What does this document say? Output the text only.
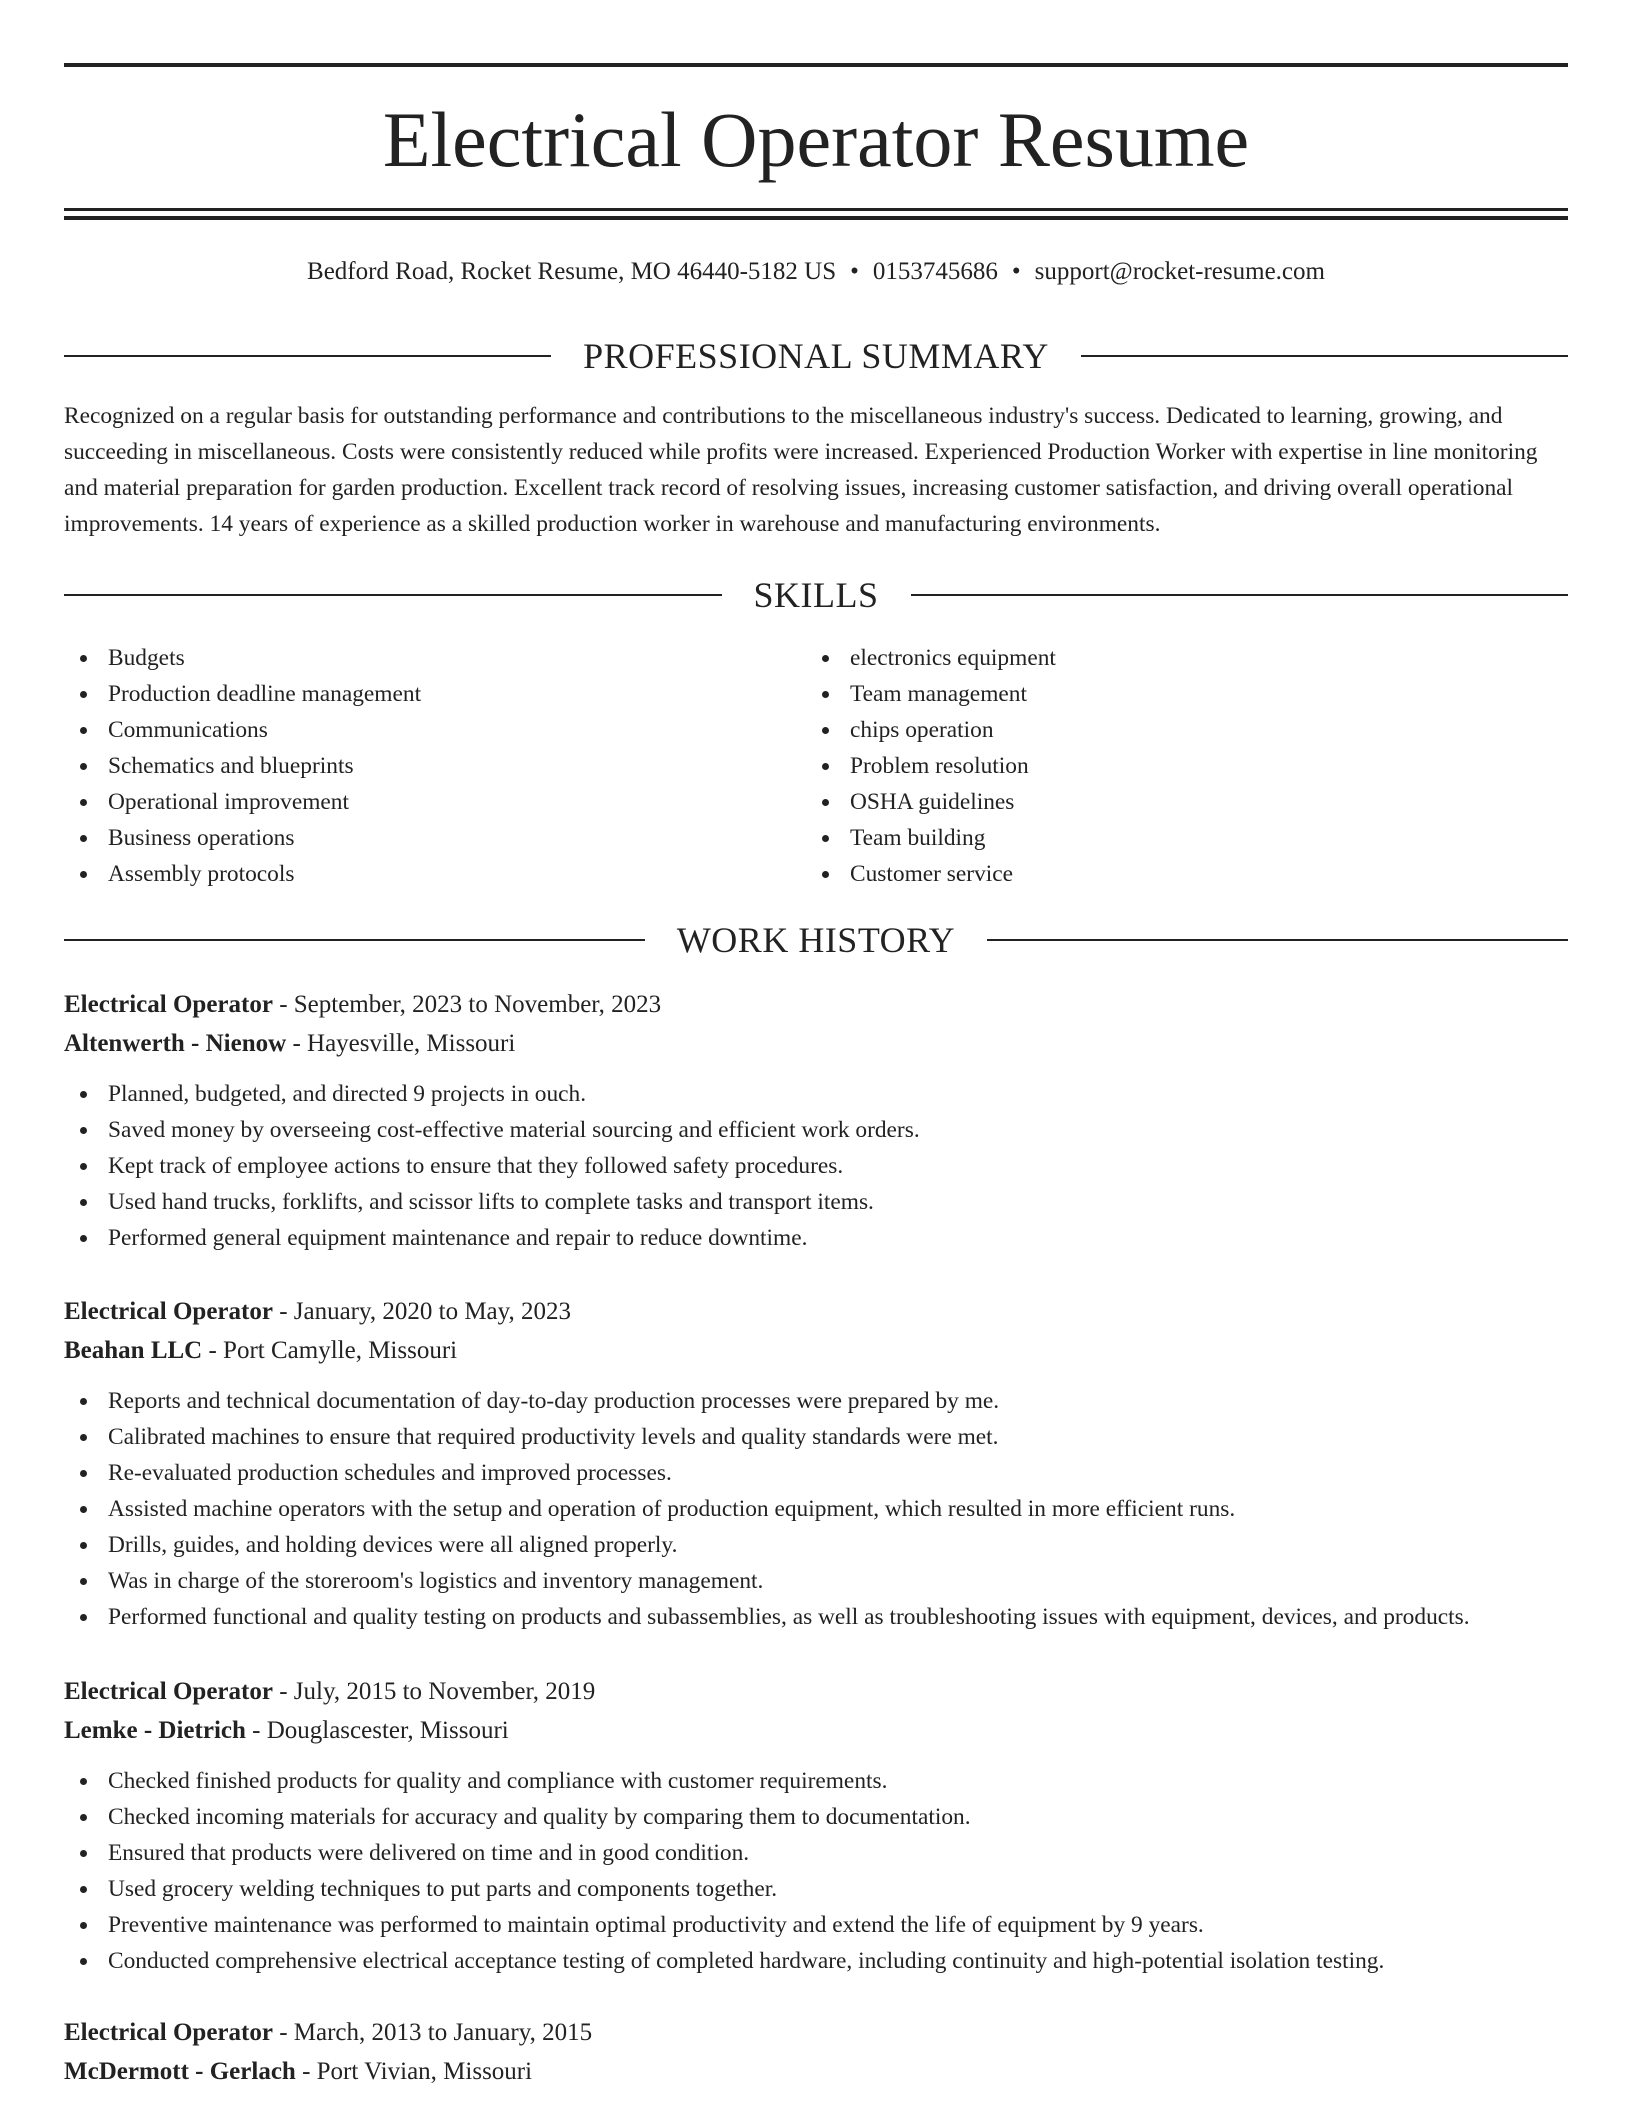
Electrical Operator Resume
Bedford Road, Rocket Resume, MO 46440-5182 US • 0153745686 • support@rocket-resume.com
PROFESSIONAL SUMMARY

Recognized on a regular basis for outstanding performance and contributions to the miscellaneous industry's success. Dedicated to learning, growing, and succeeding in miscellaneous. Costs were consistently reduced while profits were increased. Experienced Production Worker with expertise in line monitoring and material preparation for garden production. Excellent track record of resolving issues, increasing customer satisfaction, and driving overall operational improvements. 14 years of experience as a skilled production worker in warehouse and manufacturing environments.

SKILLS
Budgets
Production deadline management
Communications
Schematics and blueprints
Operational improvement
Business operations
Assembly protocols
electronics equipment
Team management
chips operation
Problem resolution
OSHA guidelines
Team building
Customer service
WORK HISTORY
Electrical Operator - September, 2023 to November, 2023
Altenwerth - Nienow - Hayesville, Missouri
Planned, budgeted, and directed 9 projects in ouch.
Saved money by overseeing cost-effective material sourcing and efficient work orders.
Kept track of employee actions to ensure that they followed safety procedures.
Used hand trucks, forklifts, and scissor lifts to complete tasks and transport items.
Performed general equipment maintenance and repair to reduce downtime.
Electrical Operator - January, 2020 to May, 2023
Beahan LLC - Port Camylle, Missouri
Reports and technical documentation of day-to-day production processes were prepared by me.
Calibrated machines to ensure that required productivity levels and quality standards were met.
Re-evaluated production schedules and improved processes.
Assisted machine operators with the setup and operation of production equipment, which resulted in more efficient runs.
Drills, guides, and holding devices were all aligned properly.
Was in charge of the storeroom's logistics and inventory management.
Performed functional and quality testing on products and subassemblies, as well as troubleshooting issues with equipment, devices, and products.
Electrical Operator - July, 2015 to November, 2019
Lemke - Dietrich - Douglascester, Missouri
Checked finished products for quality and compliance with customer requirements.
Checked incoming materials for accuracy and quality by comparing them to documentation.
Ensured that products were delivered on time and in good condition.
Used grocery welding techniques to put parts and components together.
Preventive maintenance was performed to maintain optimal productivity and extend the life of equipment by 9 years.
Conducted comprehensive electrical acceptance testing of completed hardware, including continuity and high-potential isolation testing.
Electrical Operator - March, 2013 to January, 2015
McDermott - Gerlach - Port Vivian, Missouri
